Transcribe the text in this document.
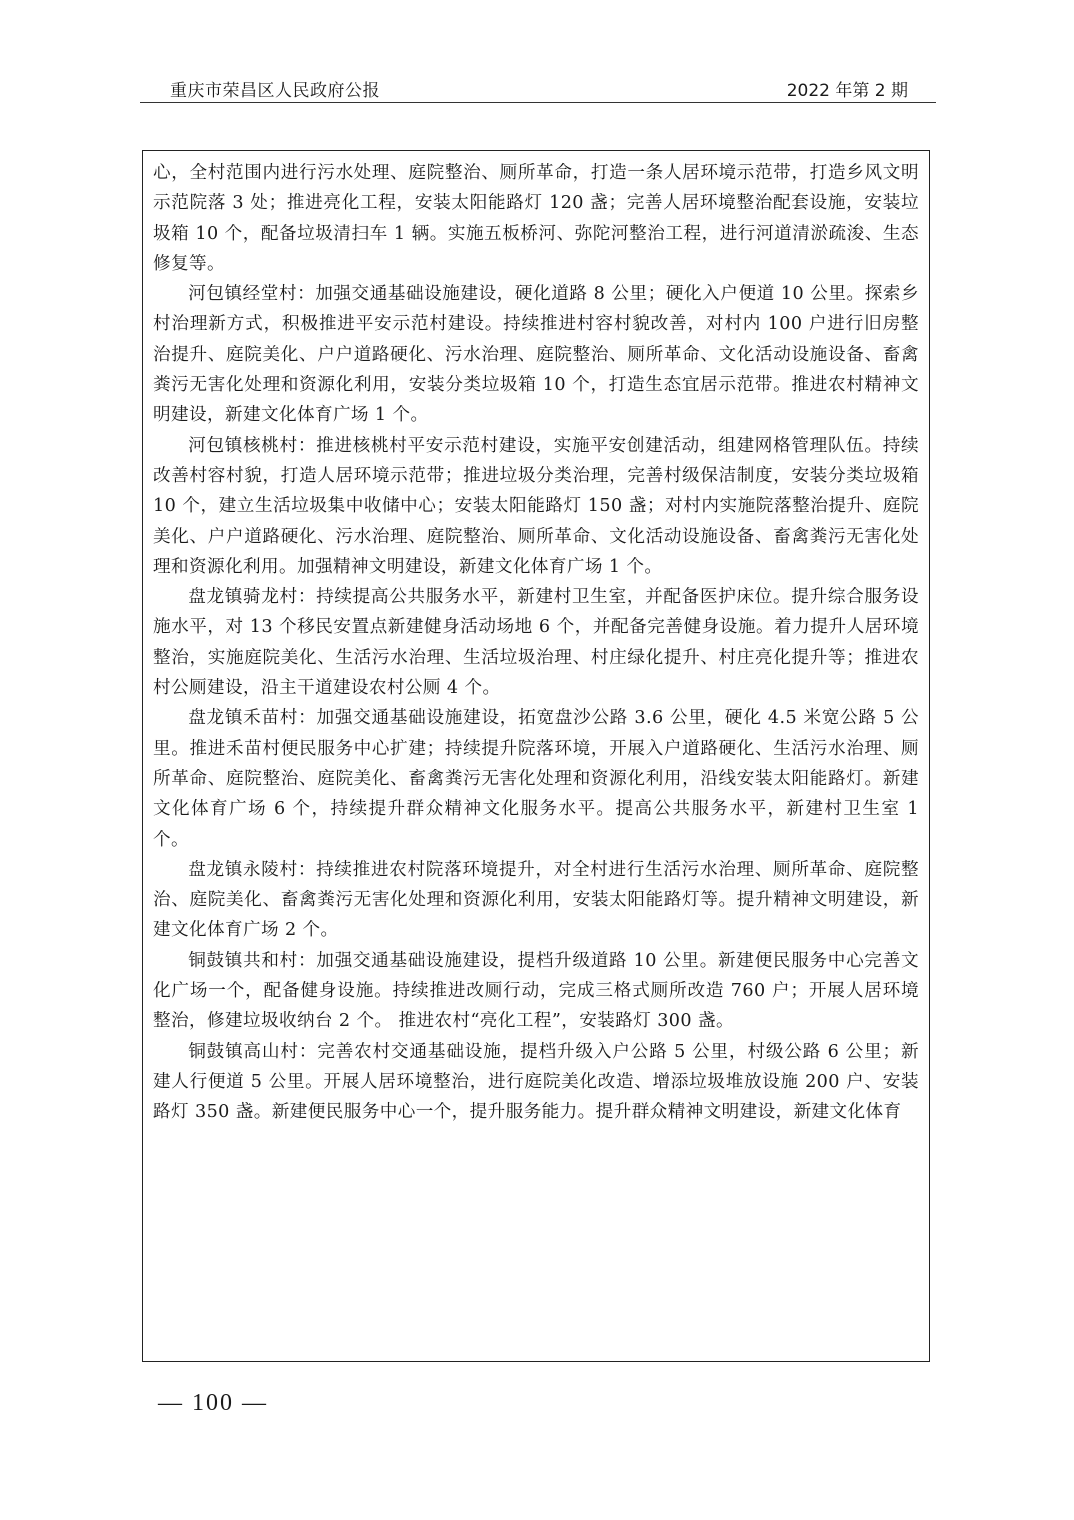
重庆市荣昌区人民政府公报	2022 年第 2 期

心，全村范围内进行污水处理、庭院整治、厕所革命，打造一条人居环境示范带，打造乡风文明示范院落 3 处；推进亮化工程，安装太阳能路灯 120 盏；完善人居环境整治配套设施，安装垃圾箱 10 个，配备垃圾清扫车 1 辆。实施五板桥河、弥陀河整治工程，进行河道清淤疏浚、生态修复等。

河包镇经堂村：加强交通基础设施建设，硬化道路 8 公里；硬化入户便道 10 公里。探索乡村治理新方式，积极推进平安示范村建设。持续推进村容村貌改善，对村内 100 户进行旧房整治提升、庭院美化、户户道路硬化、污水治理、庭院整治、厕所革命、文化活动设施设备、畜禽粪污无害化处理和资源化利用，安装分类垃圾箱 10 个，打造生态宜居示范带。推进农村精神文明建设，新建文化体育广场 1 个。

河包镇核桃村：推进核桃村平安示范村建设，实施平安创建活动，组建网格管理队伍。持续改善村容村貌，打造人居环境示范带；推进垃圾分类治理，完善村级保洁制度，安装分类垃圾箱 10 个，建立生活垃圾集中收储中心；安装太阳能路灯 150 盏；对村内实施院落整治提升、庭院美化、户户道路硬化、污水治理、庭院整治、厕所革命、文化活动设施设备、畜禽粪污无害化处理和资源化利用。加强精神文明建设，新建文化体育广场 1 个。

盘龙镇骑龙村：持续提高公共服务水平，新建村卫生室，并配备医护床位。提升综合服务设施水平，对 13 个移民安置点新建健身活动场地 6 个，并配备完善健身设施。着力提升人居环境整治，实施庭院美化、生活污水治理、生活垃圾治理、村庄绿化提升、村庄亮化提升等；推进农村公厕建设，沿主干道建设农村公厕 4 个。

盘龙镇禾苗村：加强交通基础设施建设，拓宽盘沙公路 3.6 公里，硬化 4.5 米宽公路 5 公里。推进禾苗村便民服务中心扩建；持续提升院落环境，开展入户道路硬化、生活污水治理、厕所革命、庭院整治、庭院美化、畜禽粪污无害化处理和资源化利用，沿线安装太阳能路灯。新建文化体育广场 6 个，持续提升群众精神文化服务水平。提高公共服务水平，新建村卫生室 1 个。

盘龙镇永陵村：持续推进农村院落环境提升，对全村进行生活污水治理、厕所革命、庭院整治、庭院美化、畜禽粪污无害化处理和资源化利用，安装太阳能路灯等。提升精神文明建设，新建文化体育广场 2 个。

铜鼓镇共和村：加强交通基础设施建设，提档升级道路 10 公里。新建便民服务中心完善文化广场一个，配备健身设施。持续推进改厕行动，完成三格式厕所改造 760 户；开展人居环境整治，修建垃圾收纳台 2 个。 推进农村“亮化工程”，安装路灯 300 盏。

铜鼓镇高山村：完善农村交通基础设施，提档升级入户公路 5 公里，村级公路 6 公里；新建人行便道 5 公里。开展人居环境整治，进行庭院美化改造、增添垃圾堆放设施 200 户、安装路灯 350 盏。新建便民服务中心一个，提升服务能力。提升群众精神文明建设，新建文化体育

— 100 —
